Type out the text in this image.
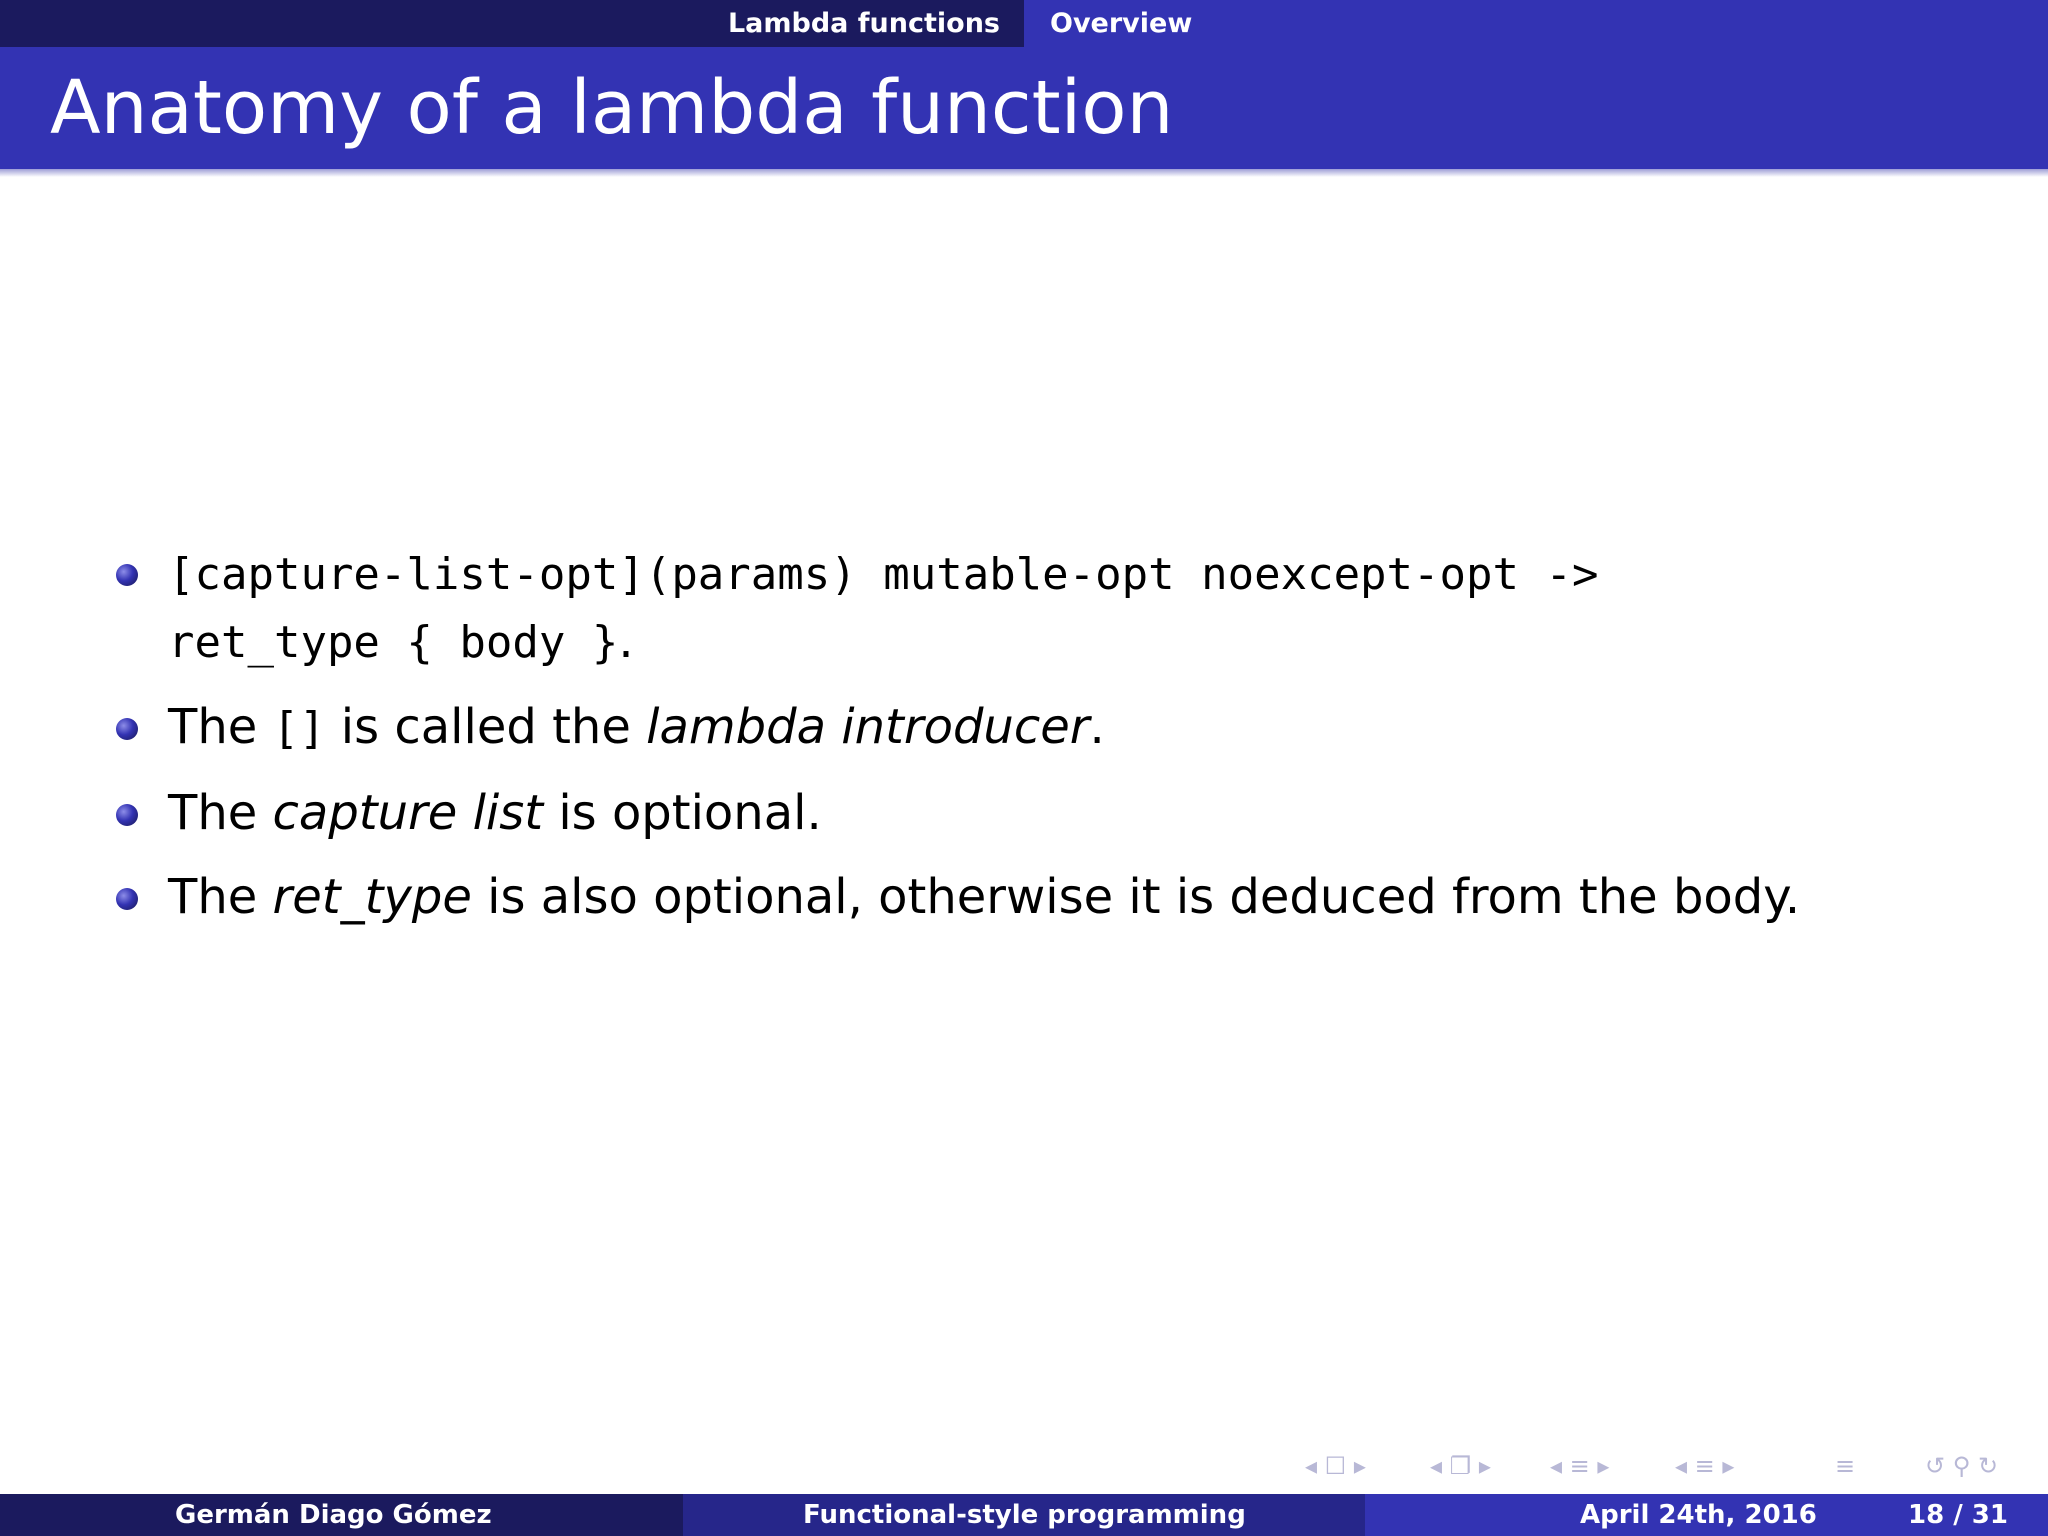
Lambda functions Overview
Anatomy of a lambda function
[capture-list-opt](params) mutable-opt noexcept-opt ->
ret_type { body }.
The [] is called the lambda introducer.
The capture list is optional.
The ret_type is also optional, otherwise it is deduced from the body.
◂ ☐ ▸	◂ ❐ ▸ ◂ ≡ ▸	◂ ≡ ▸	≡	↺ ⚲ ↻
Germán Diago Gómez	Functional-style programming	April 24th, 2016	18 / 31
